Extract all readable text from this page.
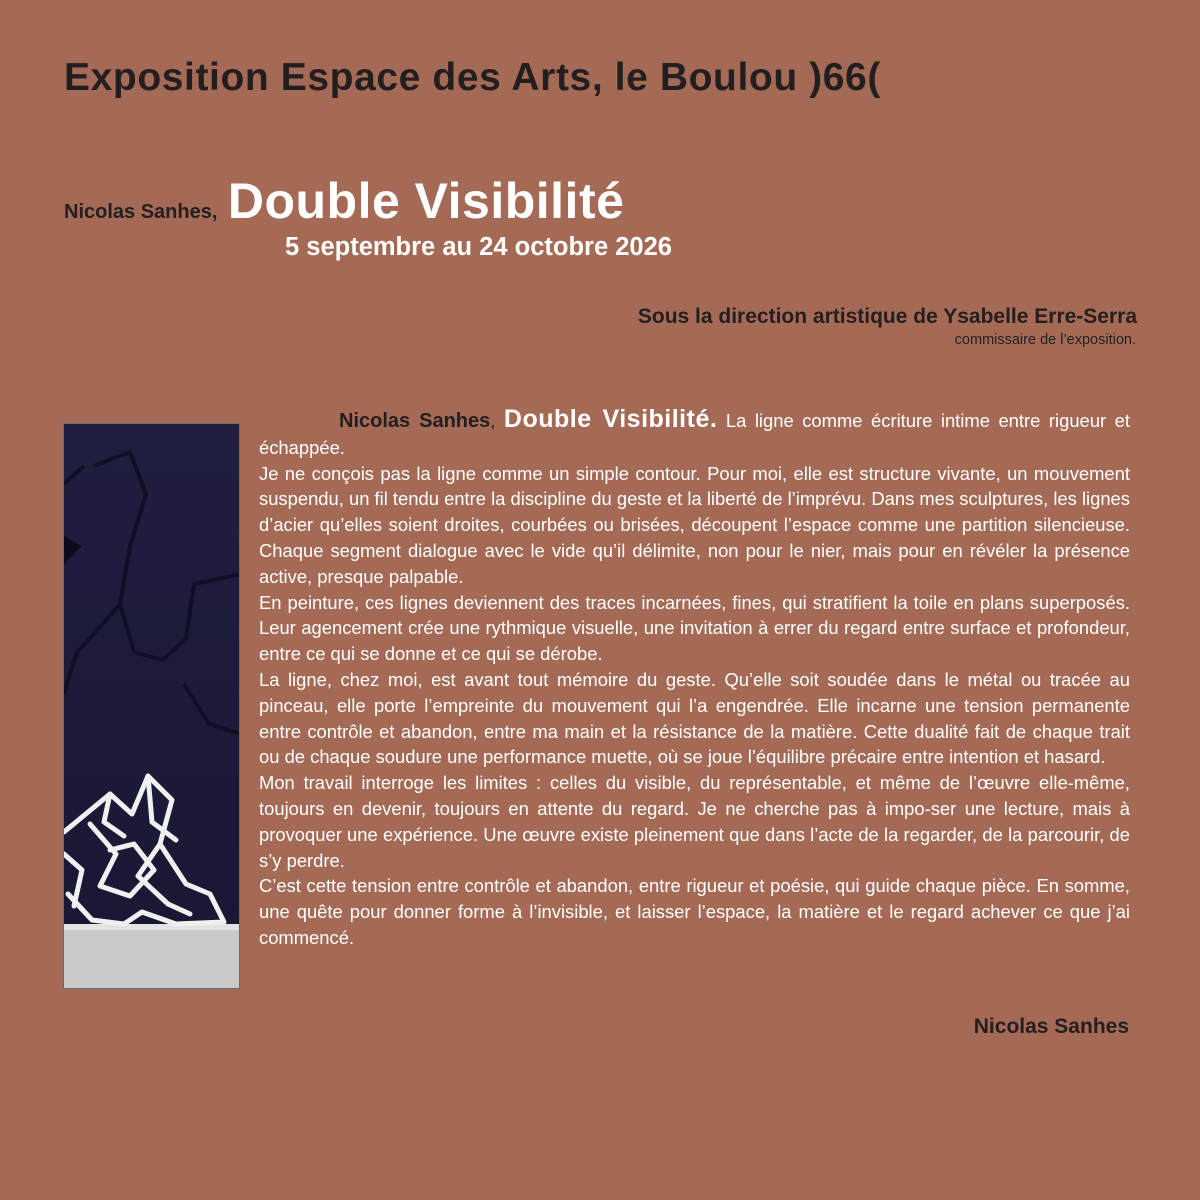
Exposition Espace des Arts, le Boulou )66(
Nicolas Sanhes, Double Visibilité
5 septembre au 24 octobre 2026
Sous la direction artistique de Ysabelle Erre-Serra
commissaire de l’exposition.

Nicolas Sanhes, Double Visibilité. La ligne comme écriture intime entre rigueur et échappée.

Je ne conçois pas la ligne comme un simple contour. Pour moi, elle est structure vivante, un mouvement suspendu, un fil tendu entre la discipline du geste et la liberté de l’imprévu. Dans mes sculptures, les lignes d’acier qu’elles soient droites, courbées ou brisées, découpent l’espace comme une partition silencieuse. Chaque segment dialogue avec le vide qu’il délimite, non pour le nier, mais pour en révéler la présence active, presque palpable.

En peinture, ces lignes deviennent des traces incarnées, fines, qui stratifient la toile en plans superposés. Leur agencement crée une rythmique visuelle, une invitation à errer du regard entre surface et profondeur, entre ce qui se donne et ce qui se dérobe.

La ligne, chez moi, est avant tout mémoire du geste. Qu’elle soit soudée dans le métal ou tracée au pinceau, elle porte l’empreinte du mouvement qui l’a engendrée. Elle incarne une tension permanente entre contrôle et abandon, entre ma main et la résistance de la matière. Cette dualité fait de chaque trait ou de chaque soudure une performance muette, où se joue l’équilibre précaire entre intention et hasard.

Mon travail interroge les limites : celles du visible, du représentable, et même de l’œuvre elle-même, toujours en devenir, toujours en attente du regard. Je ne cherche pas à impo-ser une lecture, mais à provoquer une expérience. Une œuvre existe pleinement que dans l’acte de la regarder, de la parcourir, de s’y perdre.

C’est cette tension entre contrôle et abandon, entre rigueur et poésie, qui guide chaque pièce. En somme, une quête pour donner forme à l’invisible, et laisser l’espace, la matière et le regard achever ce que j’ai commencé.

Nicolas Sanhes
